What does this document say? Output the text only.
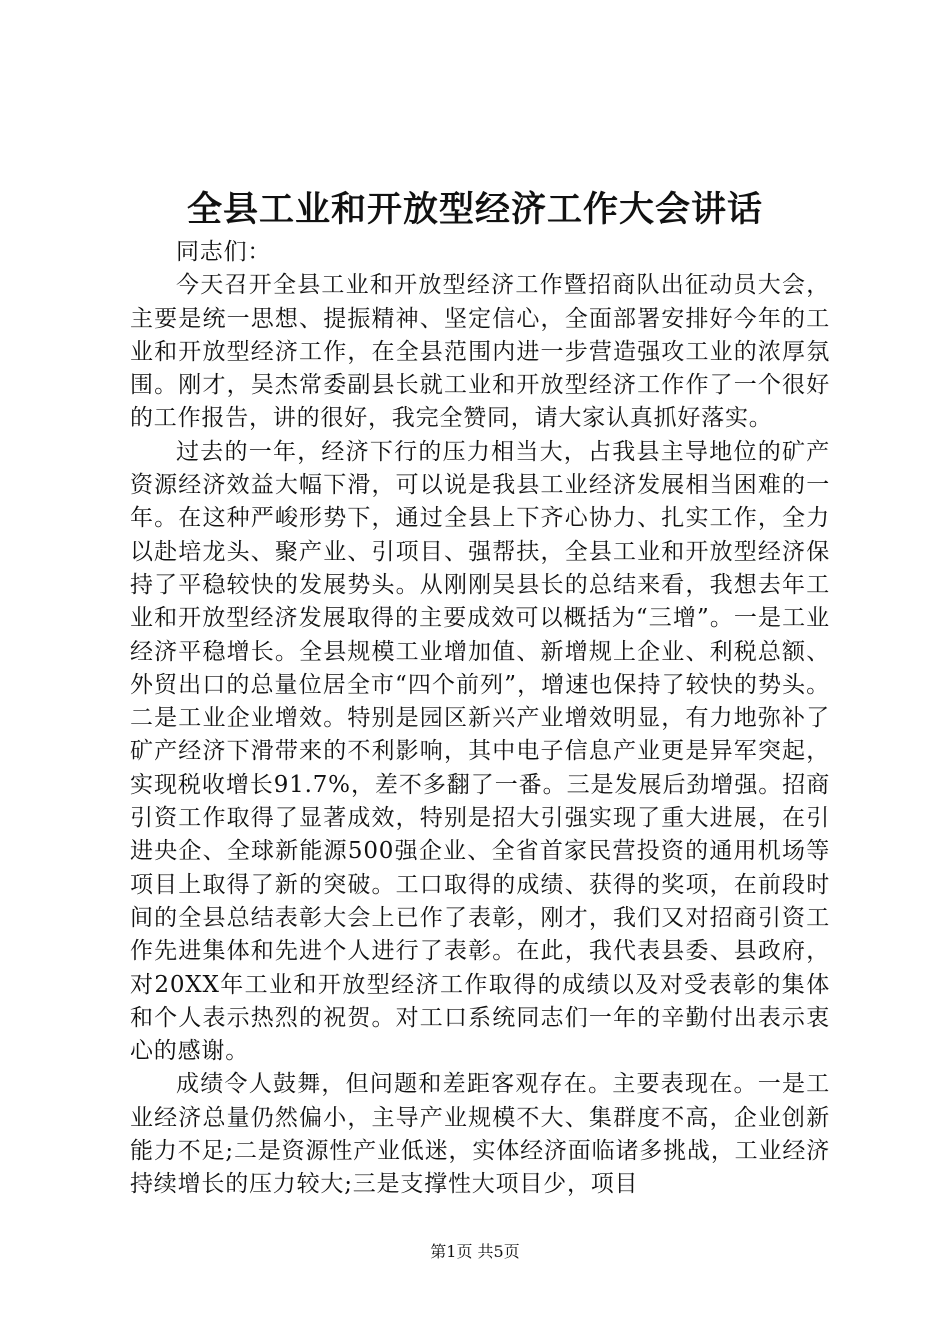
全县工业和开放型经济工作大会讲话

同志们：

今天召开全县工业和开放型经济工作暨招商队出征动员大会，主要是统一思想、提振精神、坚定信心，全面部署安排好今年的工业和开放型经济工作，在全县范围内进一步营造强攻工业的浓厚氛围。刚才，吴杰常委副县长就工业和开放型经济工作作了一个很好的工作报告，讲的很好，我完全赞同，请大家认真抓好落实。

过去的一年，经济下行的压力相当大，占我县主导地位的矿产资源经济效益大幅下滑，可以说是我县工业经济发展相当困难的一年。在这种严峻形势下，通过全县上下齐心协力、扎实工作，全力以赴培龙头、聚产业、引项目、强帮扶，全县工业和开放型经济保持了平稳较快的发展势头。从刚刚吴县长的总结来看，我想去年工业和开放型经济发展取得的主要成效可以概括为“三增”。一是工业经济平稳增长。全县规模工业增加值、新增规上企业、利税总额、外贸出口的总量位居全市“四个前列”，增速也保持了较快的势头。二是工业企业增效。特别是园区新兴产业增效明显，有力地弥补了矿产经济下滑带来的不利影响，其中电子信息产业更是异军突起，实现税收增长91.7%，差不多翻了一番。三是发展后劲增强。招商引资工作取得了显著成效，特别是招大引强实现了重大进展，在引进央企、全球新能源500强企业、全省首家民营投资的通用机场等项目上取得了新的突破。工口取得的成绩、获得的奖项，在前段时间的全县总结表彰大会上已作了表彰，刚才，我们又对招商引资工作先进集体和先进个人进行了表彰。在此，我代表县委、县政府，对20XX年工业和开放型经济工作取得的成绩以及对受表彰的集体和个人表示热烈的祝贺。对工口系统同志们一年的辛勤付出表示衷心的感谢。

成绩令人鼓舞，但问题和差距客观存在。主要表现在。一是工业经济总量仍然偏小，主导产业规模不大、集群度不高，企业创新能力不足;二是资源性产业低迷，实体经济面临诸多挑战，工业经济持续增长的压力较大;三是支撑性大项目少，项目

第1页 共5页
